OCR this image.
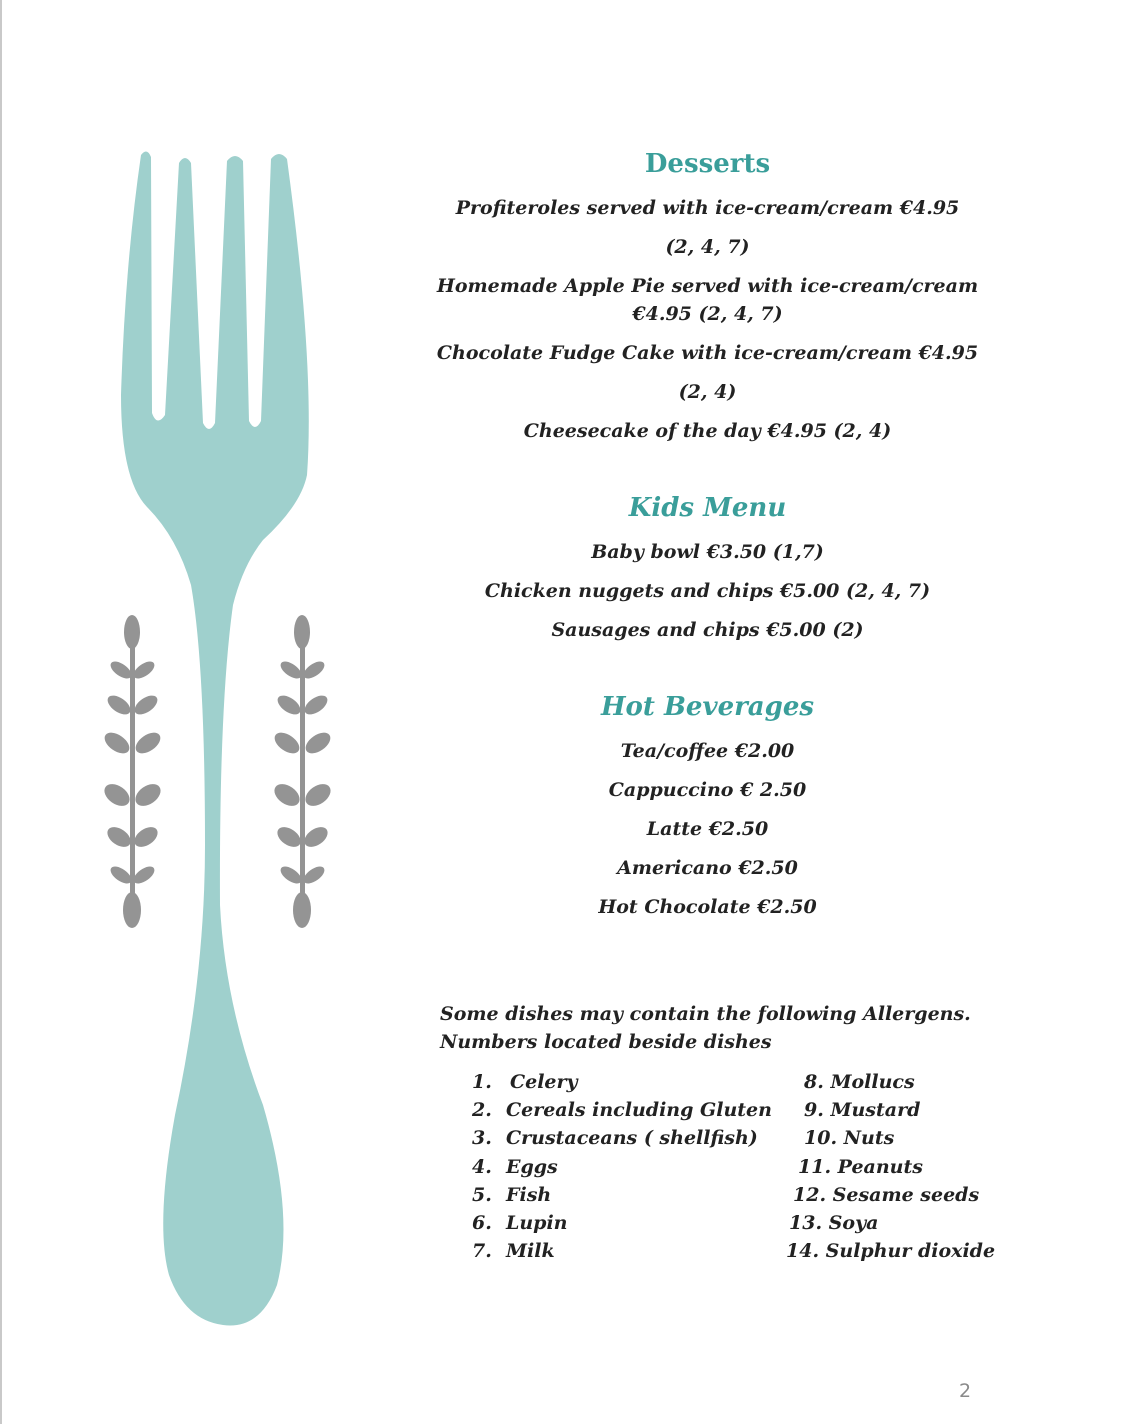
Desserts
Profiteroles served with ice-cream/cream €4.95
(2, 4, 7)
Homemade Apple Pie served with ice-cream/cream
€4.95 (2, 4, 7)
Chocolate Fudge Cake with ice-cream/cream €4.95
(2, 4)
Cheesecake of the day €4.95 (2, 4)
Kids Menu
Baby bowl €3.50 (1,7)
Chicken nuggets and chips €5.00 (2, 4, 7)
Sausages and chips €5.00 (2)
Hot Beverages
Tea/coffee €2.00
Cappuccino € 2.50
Latte €2.50
Americano €2.50
Hot Chocolate €2.50
Some dishes may contain the following Allergens.
Numbers located beside dishes
1. Celery
2. Cereals including Gluten
3. Crustaceans ( shellfish)
4. Eggs
5. Fish
6. Lupin
7. Milk
8. Mollucs
9. Mustard
10. Nuts
11. Peanuts
12. Sesame seeds
13. Soya
14. Sulphur dioxide
2
